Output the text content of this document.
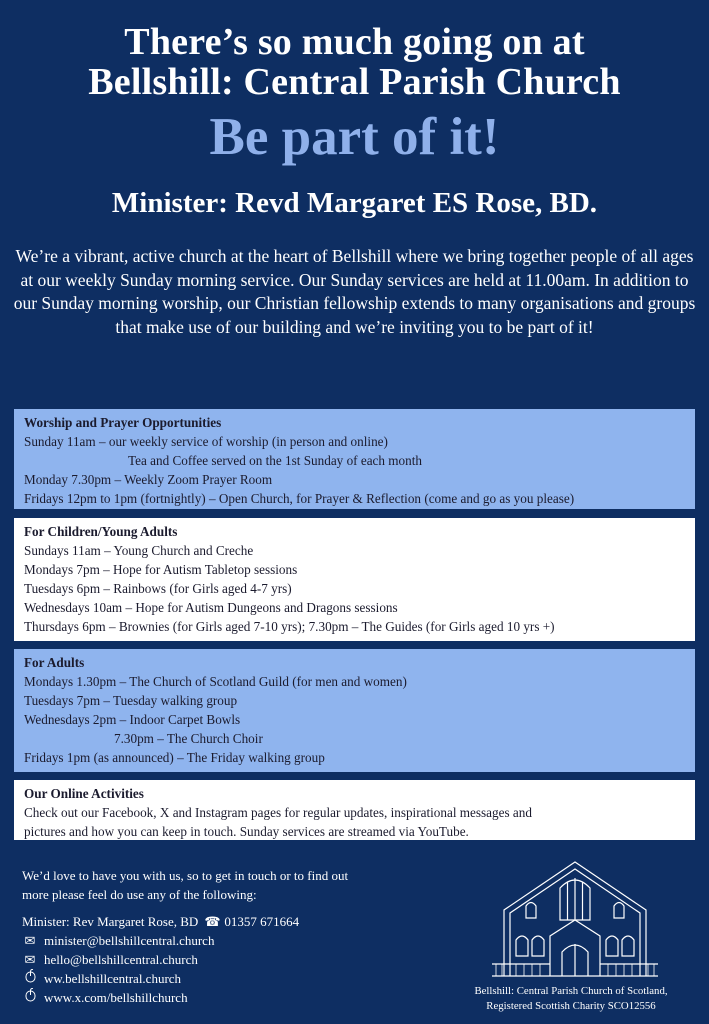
There’s so much going on at
Bellshill: Central Parish Church
Be part of it!
Minister: Revd Margaret ES Rose, BD.

We’re a vibrant, active church at the heart of Bellshill where we bring together people of all ages at our weekly Sunday morning service. Our Sunday services are held at 11.00am. In addition to our Sunday morning worship, our Christian fellowship extends to many organisations and groups that make use of our building and we’re inviting you to be part of it!

Worship and Prayer Opportunities
Sunday 11am – our weekly service of worship (in person and online)
Tea and Coffee served on the 1st Sunday of each month
Monday 7.30pm – Weekly Zoom Prayer Room
Fridays 12pm to 1pm (fortnightly) – Open Church, for Prayer & Reflection (come and go as you please)
For Children/Young Adults
Sundays 11am – Young Church and Creche
Mondays 7pm – Hope for Autism Tabletop sessions
Tuesdays 6pm – Rainbows (for Girls aged 4-7 yrs)
Wednesdays 10am – Hope for Autism Dungeons and Dragons sessions
Thursdays 6pm – Brownies (for Girls aged 7-10 yrs); 7.30pm – The Guides (for Girls aged 10 yrs +)
For Adults
Mondays 1.30pm – The Church of Scotland Guild (for men and women)
Tuesdays 7pm – Tuesday walking group
Wednesdays 2pm – Indoor Carpet Bowls
7.30pm – The Church Choir
Fridays 1pm (as announced) – The Friday walking group
Our Online Activities
Check out our Facebook, X and Instagram pages for regular updates, inspirational messages and
pictures and how you can keep in touch. Sunday services are streamed via YouTube.
We’d love to have you with us, so to get in touch or to find out
more please feel do use any of the following:
Minister: Rev Margaret Rose, BD ☎ 01357 671664
✉ minister@bellshillcentral.church
✉ hello@bellshillcentral.church
ww.bellshillcentral.church
www.x.com/bellshillchurch	Bellshill: Central Parish Church of Scotland,
Registered Scottish Charity SCO12556
